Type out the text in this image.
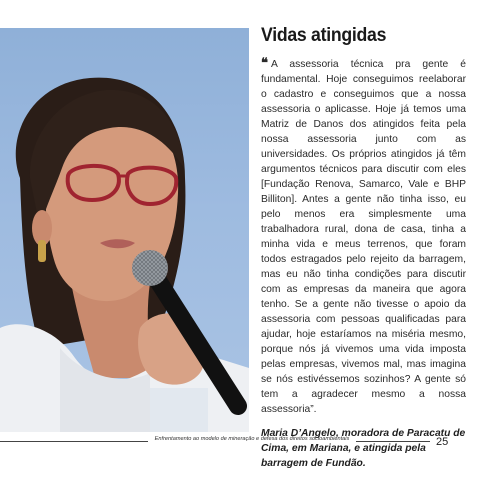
Vidas atingidas

❝ A assessoria técnica pra gente é fundamental. Hoje conseguimos reelaborar o cadastro e conseguimos que a nossa assessoria o aplicasse. Hoje já temos uma Matriz de Danos dos atingidos feita pela nossa assessoria junto com as universidades. Os próprios atingidos já têm argumentos técnicos para discutir com eles [Fundação Renova, Samarco, Vale e BHP Billiton]. Antes a gente não tinha isso, eu pelo menos era simplesmente uma trabalhadora rural, dona de casa, tinha a minha vida e meus terrenos, que foram todos estragados pelo rejeito da barragem, mas eu não tinha condições para discutir com as empresas da maneira que agora tenho. Se a gente não tivesse o apoio da assessoria com pessoas qualificadas para ajudar, hoje estaríamos na miséria mesmo, porque nós já vivemos uma vida imposta pelas empresas, vivemos mal, mas imagina se nós estivéssemos sozinhos? A gente só tem a agradecer mesmo a nossa assessoria”.

Maria D’Angelo, moradora de Paracatu de Cima, em Mariana, e atingida pela barragem de Fundão.

Enfrentamento ao modelo de mineração e defesa dos direitos socioambientais	25
